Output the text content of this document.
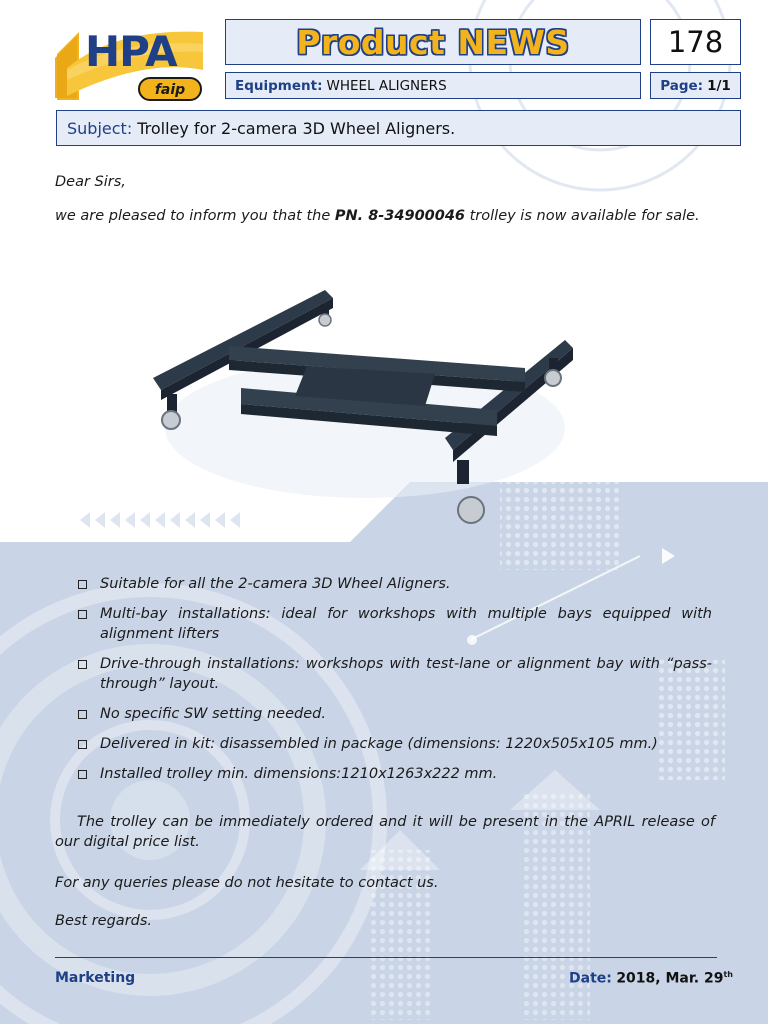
HPA
faip
Product NEWS	178
Equipment: WHEEL ALIGNERS	Page: 1/1
Subject: Trolley for 2-camera 3D Wheel Aligners.
Dear Sirs,
we are pleased to inform you that the PN. 8-34900046 trolley is now available for sale.
Suitable for all the 2-camera 3D Wheel Aligners.
Multi-bay installations: ideal for workshops with multiple bays equipped with alignment lifters
Drive-through installations: workshops with test-lane or alignment bay with “pass-through” layout.
No specific SW setting needed.
Delivered in kit: disassembled in package (dimensions: 1220x505x105 mm.)
Installed trolley min. dimensions:1210x1263x222 mm.
The trolley can be immediately ordered and it will be present in the APRIL release of our digital price list.
For any queries please do not hesitate to contact us.
Best regards.
Marketing	Date: 2018, Mar. 29th
